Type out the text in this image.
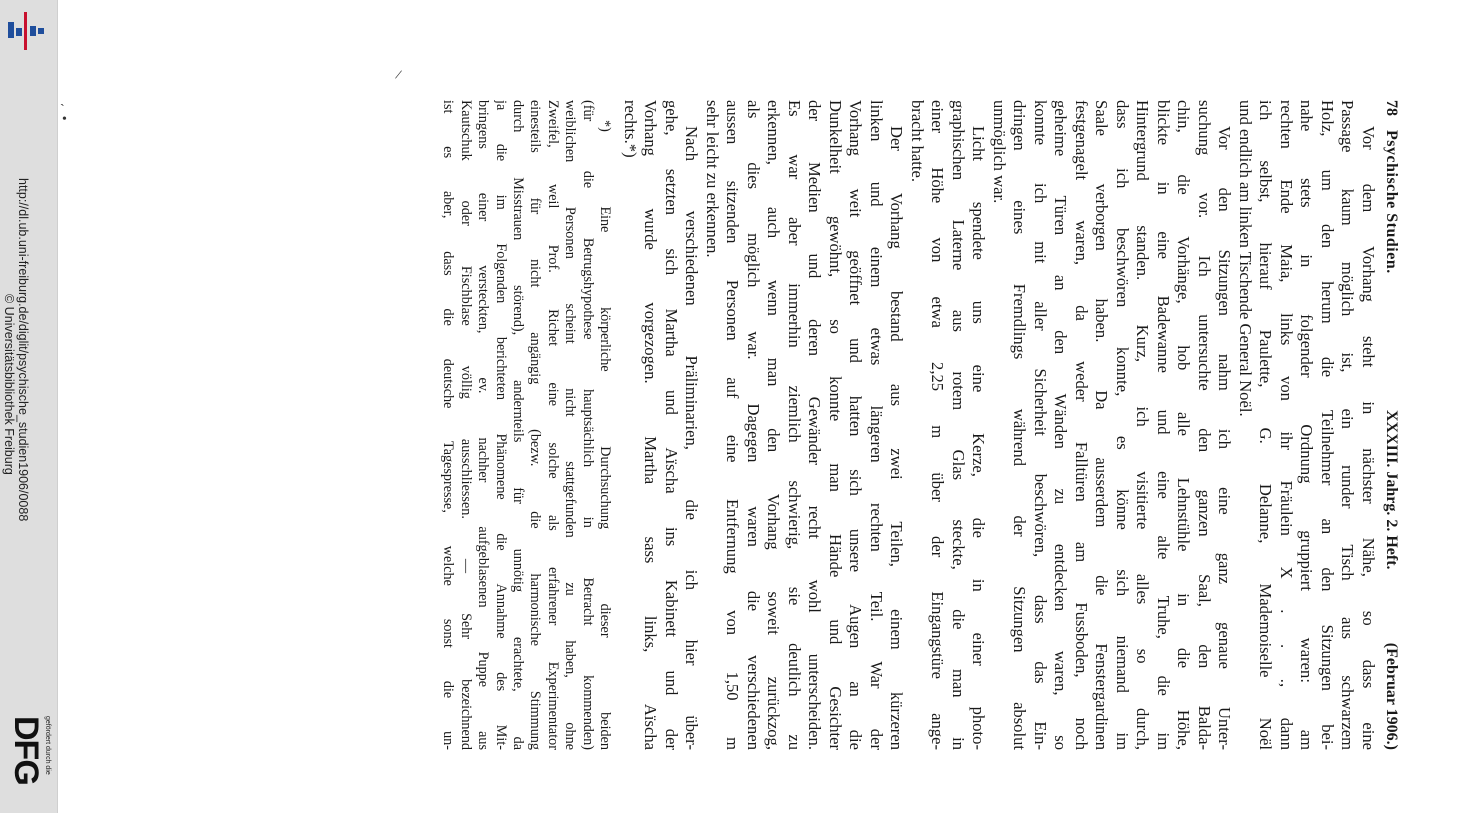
http://dl.ub.uni-freiburg.de/diglit/psychische_studien1906/0088
© Universitätsbibliothek Freiburg
gefördert durch die
DFG
/
ˏ
•
78
Psychische Studien.
XXXIII. Jahrg. 2. Heft.
(Februar 1906.)
Vor dem Vorhang steht in nächster Nähe, so dass eine
Passage kaum möglich ist, ein runder Tisch aus schwarzem
Holz, um den herum die Teilnehmer an den Sitzungen bei-
nahe stets in folgender Ordnung gruppiert waren: am
rechten Ende Maia, links von ihr Fräulein X . . ., dann
ich selbst, hierauf Paulette, G. Delanne, Mademoiselle Noël
und endlich am linken Tischende General Noël.
Vor den Sitzungen nahm ich eine ganz genaue Unter-
suchung vor. Ich untersuchte den ganzen Saal, den Balda-
chin, die Vorhänge, hob alle Lehnstühle in die Höhe,
blickte in eine Badewanne und eine alte Truhe, die im
Hintergrund standen. Kurz, ich visitierte alles so durch,
dass ich beschwören konnte, es könne sich niemand im
Saale verborgen haben. Da ausserdem die Fenstergardinen
festgenagelt waren, da weder Falltüren am Fussboden, noch
geheime Türen an den Wänden zu entdecken waren, so
konnte ich mit aller Sicherheit beschwören, dass das Ein-
dringen eines Fremdlings während der Sitzungen absolut
unmöglich war.
Licht spendete uns eine Kerze, die in einer photo-
graphischen Laterne aus rotem Glas steckte, die man in
einer Höhe von etwa 2,25 m über der Eingangstüre ange-
bracht hatte.
Der Vorhang bestand aus zwei Teilen, einem kürzeren
linken und einem etwas längeren rechten Teil. War der
Vorhang weit geöffnet und hatten sich unsere Augen an die
Dunkelheit gewöhnt, so konnte man Hände und Gesichter
der Medien und deren Gewänder recht wohl unterscheiden.
Es war aber immerhin ziemlich schwierig, sie deutlich zu
erkennen, auch wenn man den Vorhang soweit zurückzog,
als dies möglich war. Dagegen waren die verschiedenen
aussen sitzenden Personen auf eine Entfernung von 1,50 m
sehr leicht zu erkennen.
Nach verschiedenen Präliminarien, die ich hier über-
gehe, setzten sich Martha und Aïscha ins Kabinett und der
Vorhang wurde vorgezogen. Martha sass links, Aïscha
rechts.*)
*) Eine körperliche Durchsuchung dieser beiden
(für die Betrugshypothese hauptsächlich in Betracht kommenden)
weiblichen Personen scheint nicht stattgefunden zu haben, ohne
Zweifel, weil Prof. Richet eine solche als erfahrener Experimentator
einesteils für nicht angängig (bezw. die harmonische Stimmung
durch Misstrauen störend), andernteils für unnötig erachtete, da
ja die im Folgenden berichteten Phänomene die Annahme des Mit-
bringens einer versteckten, ev. nachher aufgeblasenen Puppe aus
Kautschuk oder Fischblase völlig ausschliessen. — Sehr bezeichnend
ist es aber, dass die deutsche Tagespresse, welche sonst die un-
